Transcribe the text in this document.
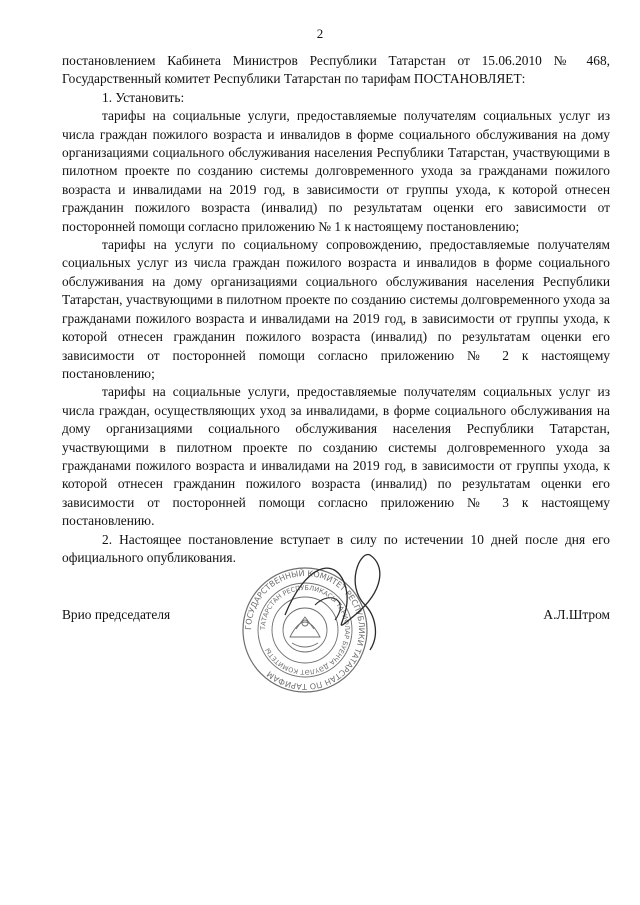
2

постановлением Кабинета Министров Республики Татарстан от 15.06.2010 № 468, Государственный комитет Республики Татарстан по тарифам ПОСТАНОВЛЯЕТ:

1. Установить:

тарифы на социальные услуги, предоставляемые получателям социальных услуг из числа граждан пожилого возраста и инвалидов в форме социального обслуживания на дому организациями социального обслуживания населения Республики Татарстан, участвующими в пилотном проекте по созданию системы долговременного ухода за гражданами пожилого возраста и инвалидами на 2019 год, в зависимости от группы ухода, к которой отнесен гражданин пожилого возраста (инвалид) по результатам оценки его зависимости от посторонней помощи согласно приложению № 1 к настоящему постановлению;

тарифы на услуги по социальному сопровождению, предоставляемые получателям социальных услуг из числа граждан пожилого возраста и инвалидов в форме социального обслуживания на дому организациями социального обслуживания населения Республики Татарстан, участвующими в пилотном проекте по созданию системы долговременного ухода за гражданами пожилого возраста и инвалидами на 2019 год, в зависимости от группы ухода, к которой отнесен гражданин пожилого возраста (инвалид) по результатам оценки его зависимости от посторонней помощи согласно приложению № 2 к настоящему постановлению;

тарифы на социальные услуги, предоставляемые получателям социальных услуг из числа граждан, осуществляющих уход за инвалидами, в форме социального обслуживания на дому организациями социального обслуживания населения Республики Татарстан, участвующими в пилотном проекте по созданию системы долговременного ухода за гражданами пожилого возраста и инвалидами на 2019 год, в зависимости от группы ухода, к которой отнесен гражданин пожилого возраста (инвалид) по результатам оценки его зависимости от посторонней помощи согласно приложению № 3 к настоящему постановлению.

2. Настоящее постановление вступает в силу по истечении 10 дней после дня его официального опубликования.

ГОСУДАРСТВЕННЫЙ КОМИТЕТ РЕСПУБЛИКИ ТАТАРСТАН ПО ТАРИФАМ
ТАТАРСТАН РЕСПУБЛИКАСЫ ТАРИФЛАР БУЕНЧА ДӘҮЛӘТ КОМИТЕТЫ
Врио председателя	А.Л.Штром
